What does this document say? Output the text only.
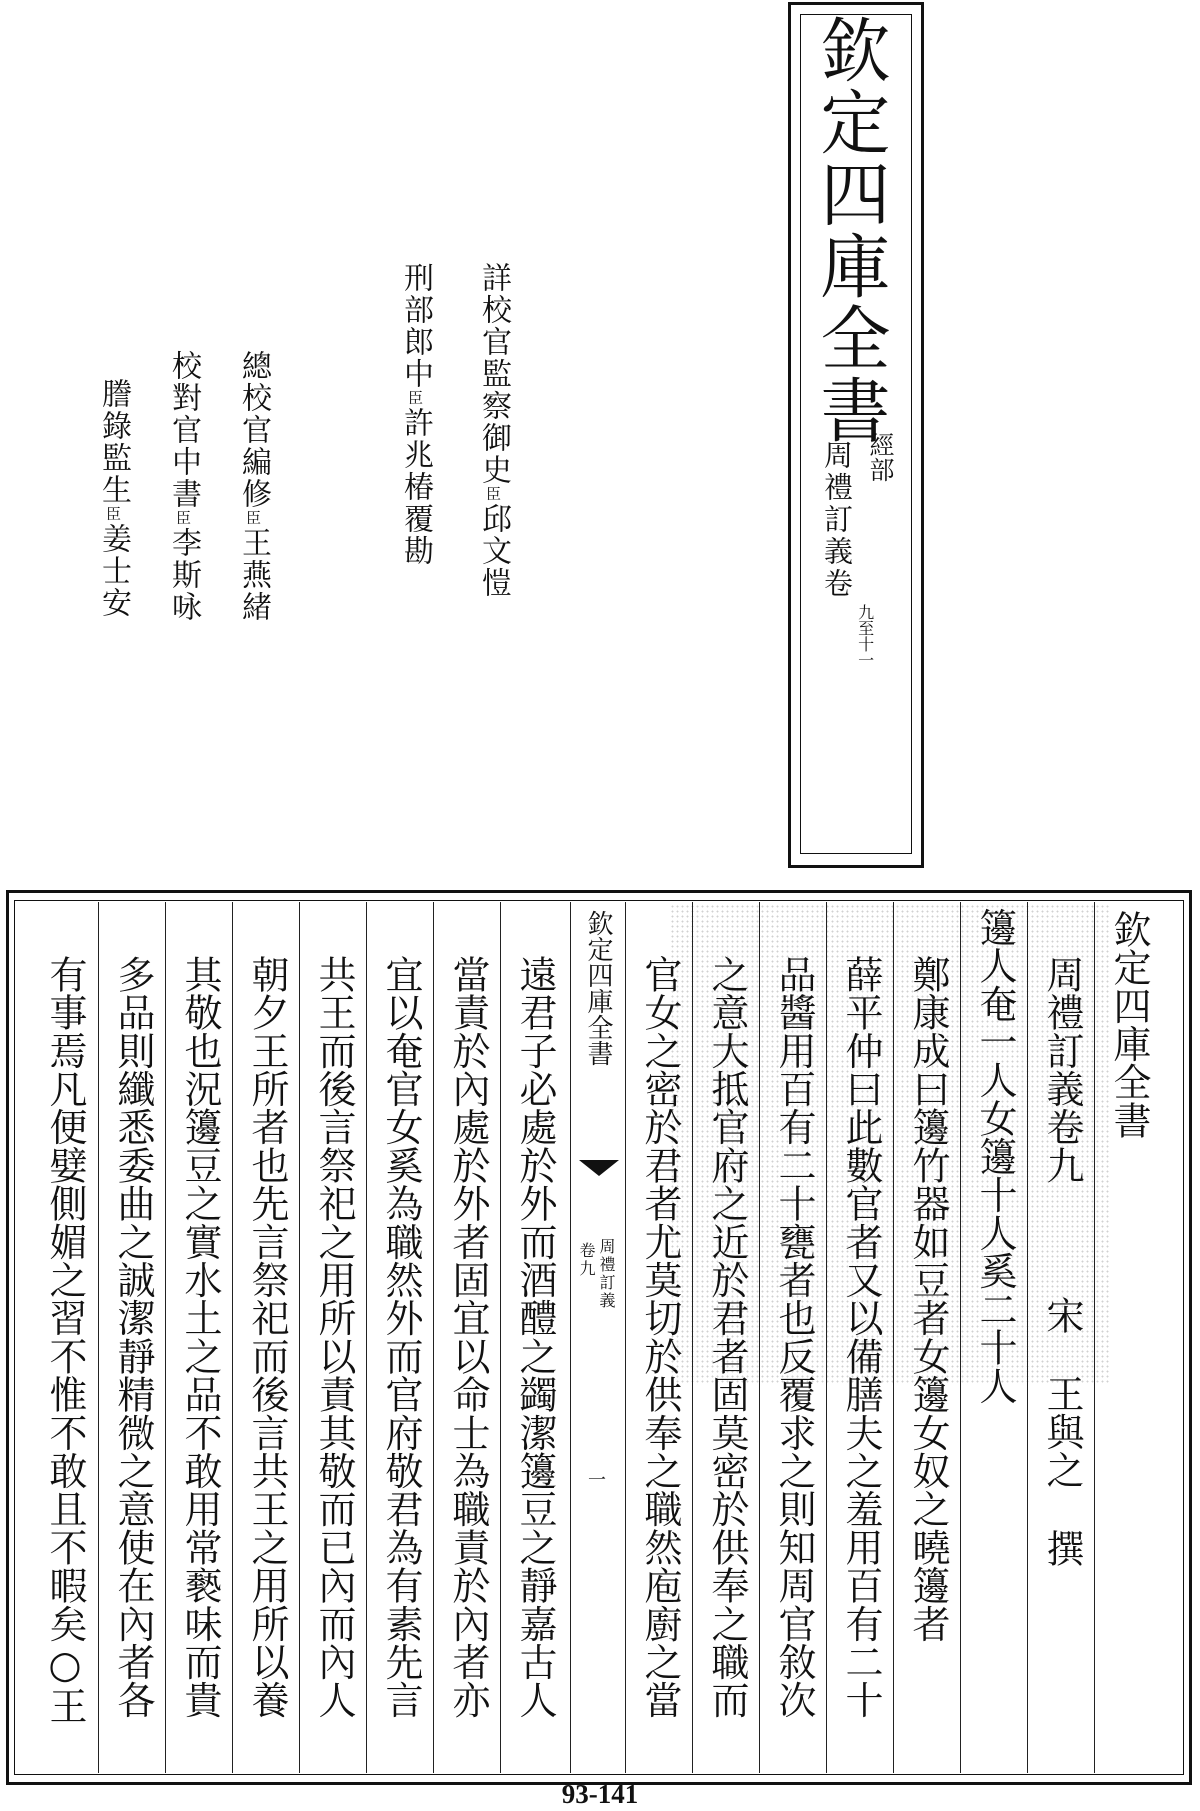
欽定四庫全書
經部
周禮訂義卷
九至十一
詳校官監察御史臣邱文愷
刑部郎中臣許兆椿覆勘
總校官編修臣王燕緒
校對官中書臣李斯咏
謄錄監生臣姜士安
欽定四庫全書
周禮訂義卷九宋王與之撰
籩人奄一人女籩十人奚二十人
鄭康成曰籩竹器如豆者女籩女奴之曉籩者
薛平仲曰此數官者又以備膳夫之羞用百有二十
品醬用百有二十甕者也反覆求之則知周官敘次
之意大抵官府之近於君者固莫密於供奉之職而
官女之密於君者尤莫切於供奉之職然庖廚之當
欽定四庫全書
周禮訂義
卷九
一
遠君子必處於外而酒醴之蠲潔籩豆之靜嘉古人
當責於內處於外者固宜以命士為職責於內者亦
宜以奄官女奚為職然外而官府敬君為有素先言
共王而後言祭祀之用所以責其敬而已內而內人
朝夕王所者也先言祭祀而後言共王之用所以養
其敬也況籩豆之實水土之品不敢用常褻味而貴
多品則纖悉委曲之誠潔靜精微之意使在內者各
有事焉凡便嬖側媚之習不惟不敢且不暇矣○王
93-141
